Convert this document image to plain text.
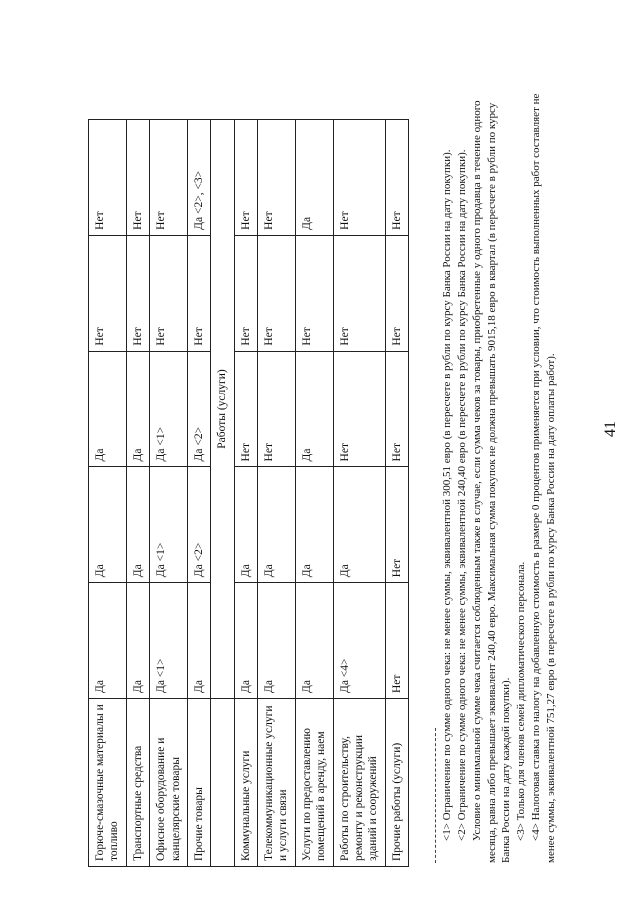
41
Горюче-смазочные материалы и топливо	Да	Да	Да	Нет	Нет
Транспортные средства	Да	Да	Да	Нет	Нет
Офисное оборудование и канцелярские товары	Да <1>	Да <1>	Да <1>	Нет	Нет
Прочие товары	Да	Да <2>	Да <2>	Нет	Да <2>, <3>
	Работы (услуги)				
Коммунальные услуги	Да	Да	Нет	Нет	Нет
Телекоммуникационные услуги и услуги связи	Да	Да	Нет	Нет	Нет
Услуги по предоставлению помещений в аренду, наем	Да	Да	Да	Нет	Да
Работы по строительству, ремонту и реконструкции зданий и сооружений	Да <4>	Да	Нет	Нет	Нет
Прочие работы (услуги)	Нет	Нет	Нет	Нет	Нет	<1> Ограничение по сумме одного чека: не менее суммы, эквивалентной 300,51 евро (в пересчете в рубли по курсу Банка России на дату покупки). <2> Ограничение по сумме одного чека: не менее суммы, эквивалентной 240,40 евро (в пересчете в рубли по курсу Банка России на дату покупки). Условие о минимальной сумме чека считается соблюденным также в случае, если сумма чеков за товары, приобретенные у одного продавца в течение одного месяца, равна либо превышает эквивалент 240,40 евро. Максимальная сумма покупок не должна превышать 9015,18 евро в квартал (в пересчете в рубли по курсу Банка России на дату каждой покупки). <3> Только для членов семей дипломатического персонала. <4> Налоговая ставка по налогу на добавленную стоимость в размере 0 процентов применяется при условии, что стоимость выполненных работ составляет не менее суммы, эквивалентной 751,27 евро (в пересчете в рубли по курсу Банка России на дату оплаты работ).
